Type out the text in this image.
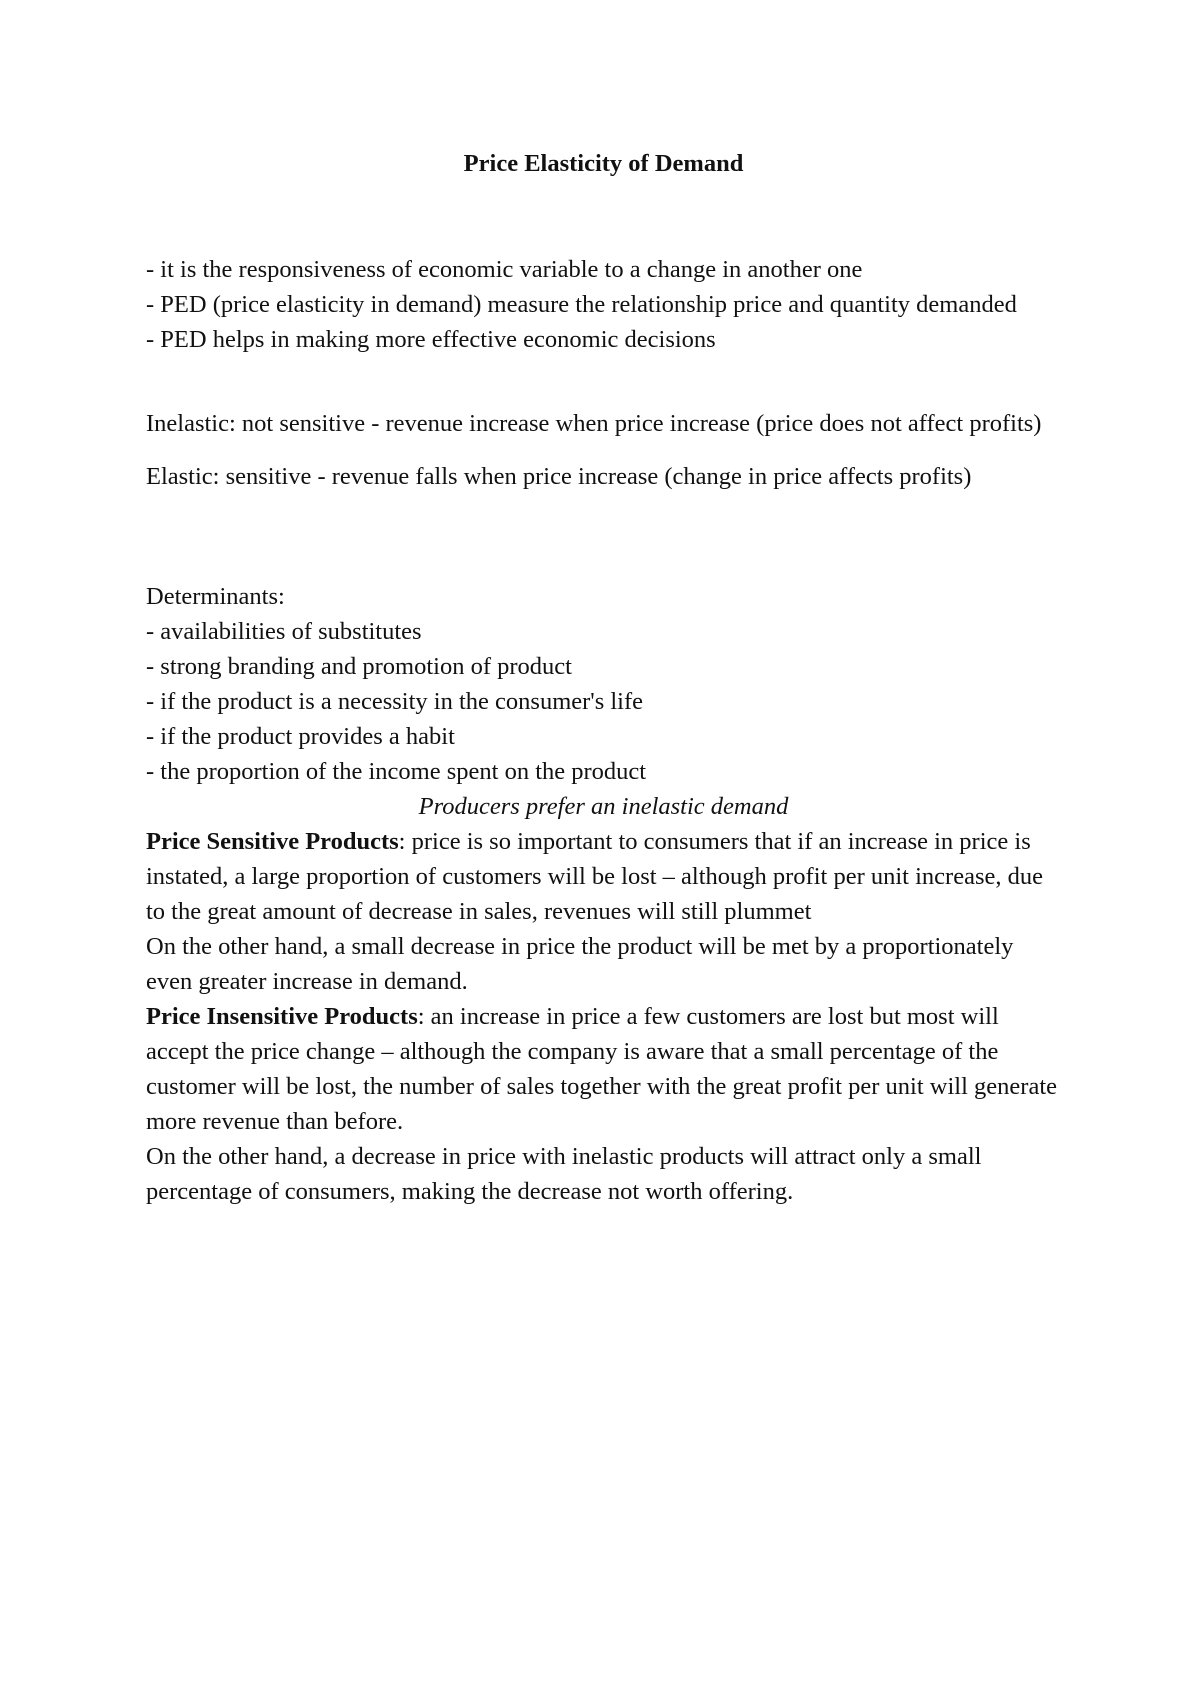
Price Elasticity of Demand

- it is the responsiveness of economic variable to a change in another one

- PED (price elasticity in demand) measure the relationship price and quantity demanded

- PED helps in making more effective economic decisions

Inelastic: not sensitive - revenue increase when price increase (price does not affect profits)

Elastic: sensitive - revenue falls when price increase (change in price affects profits)

Determinants:

- availabilities of substitutes

- strong branding and promotion of product

- if the product is a necessity in the consumer's life

- if the product provides a habit

- the proportion of the income spent on the product

Producers prefer an inelastic demand

Price Sensitive Products: price is so important to consumers that if an increase in price is instated, a large proportion of customers will be lost – although profit per unit increase, due to the great amount of decrease in sales, revenues will still plummet

On the other hand, a small decrease in price the product will be met by a proportionately even greater increase in demand.

Price Insensitive Products: an increase in price a few customers are lost but most will accept the price change – although the company is aware that a small percentage of the customer will be lost, the number of sales together with the great profit per unit will generate more revenue than before.

On the other hand, a decrease in price with inelastic products will attract only a small percentage of consumers, making the decrease not worth offering.
